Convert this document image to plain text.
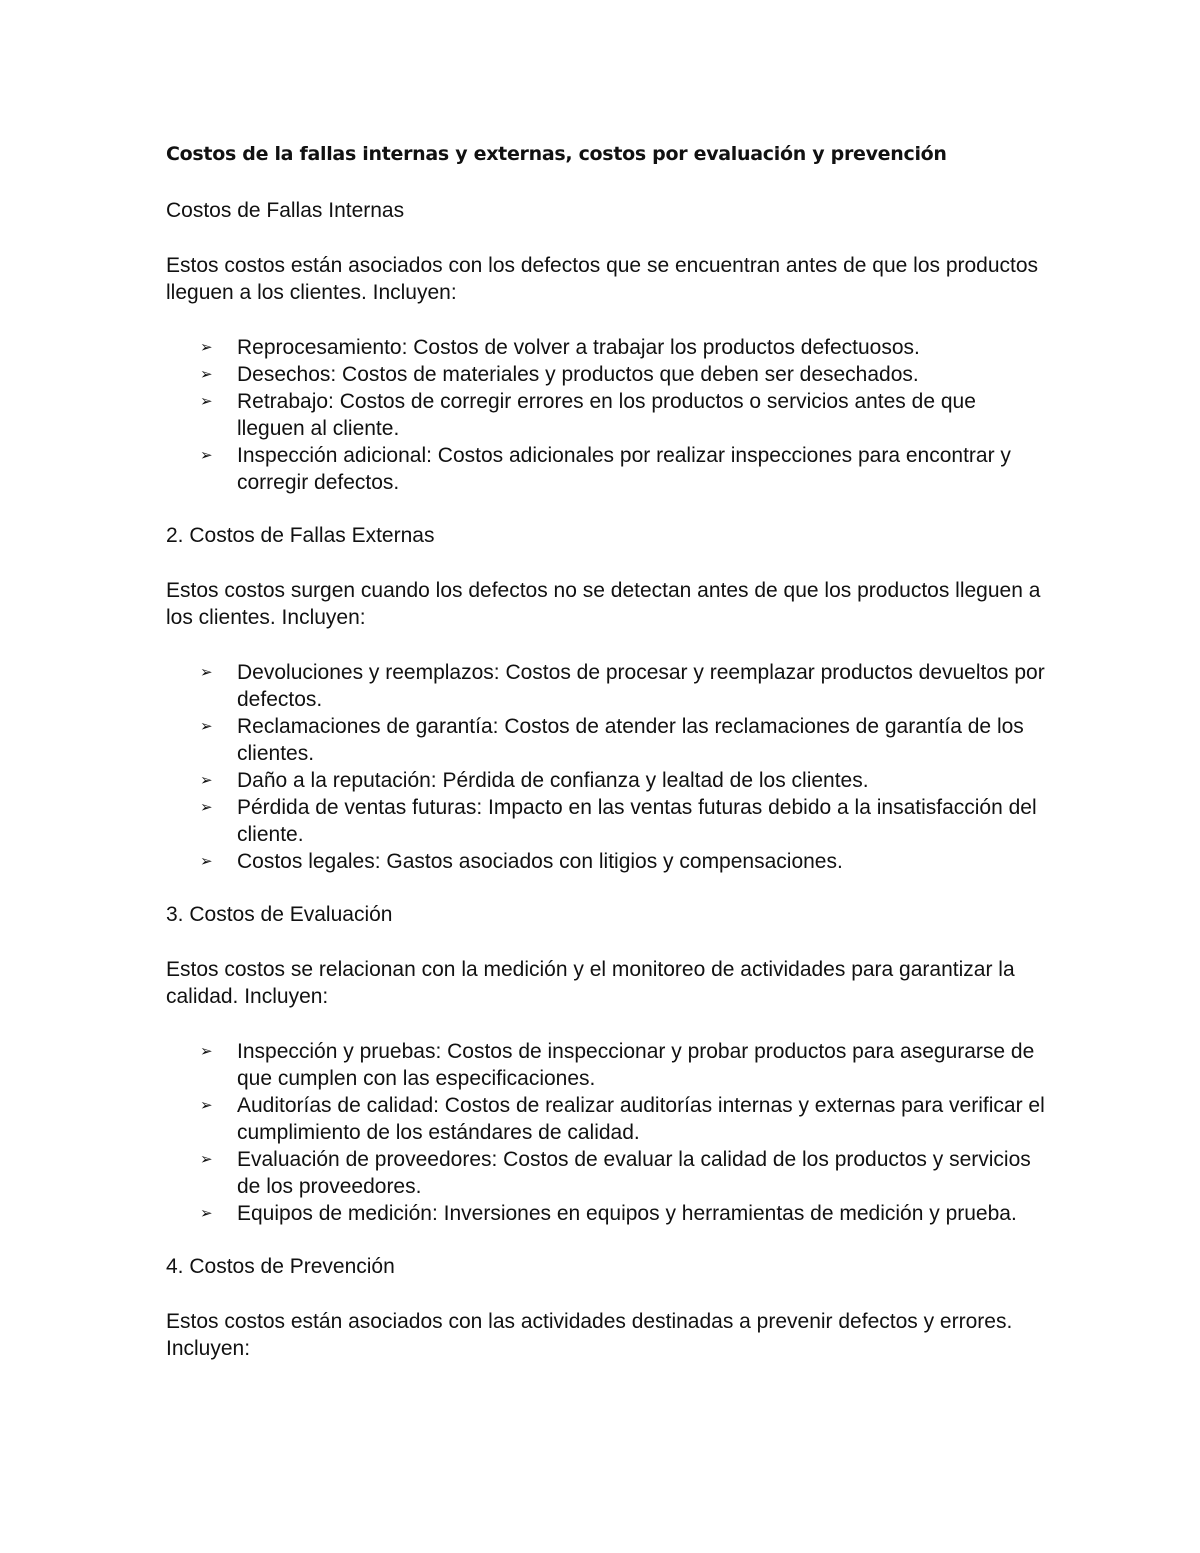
Costos de la fallas internas y externas, costos por evaluación y prevención
Costos de Fallas Internas
Estos costos están asociados con los defectos que se encuentran antes de que los productos lleguen a los clientes. Incluyen:
➢ Reprocesamiento: Costos de volver a trabajar los productos defectuosos.
➢ Desechos: Costos de materiales y productos que deben ser desechados.
➢ Retrabajo: Costos de corregir errores en los productos o servicios antes de que lleguen al cliente.
➢ Inspección adicional: Costos adicionales por realizar inspecciones para encontrar y corregir defectos.
2. Costos de Fallas Externas
Estos costos surgen cuando los defectos no se detectan antes de que los productos lleguen a los clientes. Incluyen:
➢ Devoluciones y reemplazos: Costos de procesar y reemplazar productos devueltos por defectos.
➢ Reclamaciones de garantía: Costos de atender las reclamaciones de garantía de los clientes.
➢ Daño a la reputación: Pérdida de confianza y lealtad de los clientes.
➢ Pérdida de ventas futuras: Impacto en las ventas futuras debido a la insatisfacción del cliente.
➢ Costos legales: Gastos asociados con litigios y compensaciones.
3. Costos de Evaluación
Estos costos se relacionan con la medición y el monitoreo de actividades para garantizar la calidad. Incluyen:
➢ Inspección y pruebas: Costos de inspeccionar y probar productos para asegurarse de que cumplen con las especificaciones.
➢ Auditorías de calidad: Costos de realizar auditorías internas y externas para verificar el cumplimiento de los estándares de calidad.
➢ Evaluación de proveedores: Costos de evaluar la calidad de los productos y servicios de los proveedores.
➢ Equipos de medición: Inversiones en equipos y herramientas de medición y prueba.
4. Costos de Prevención
Estos costos están asociados con las actividades destinadas a prevenir defectos y errores. Incluyen:
